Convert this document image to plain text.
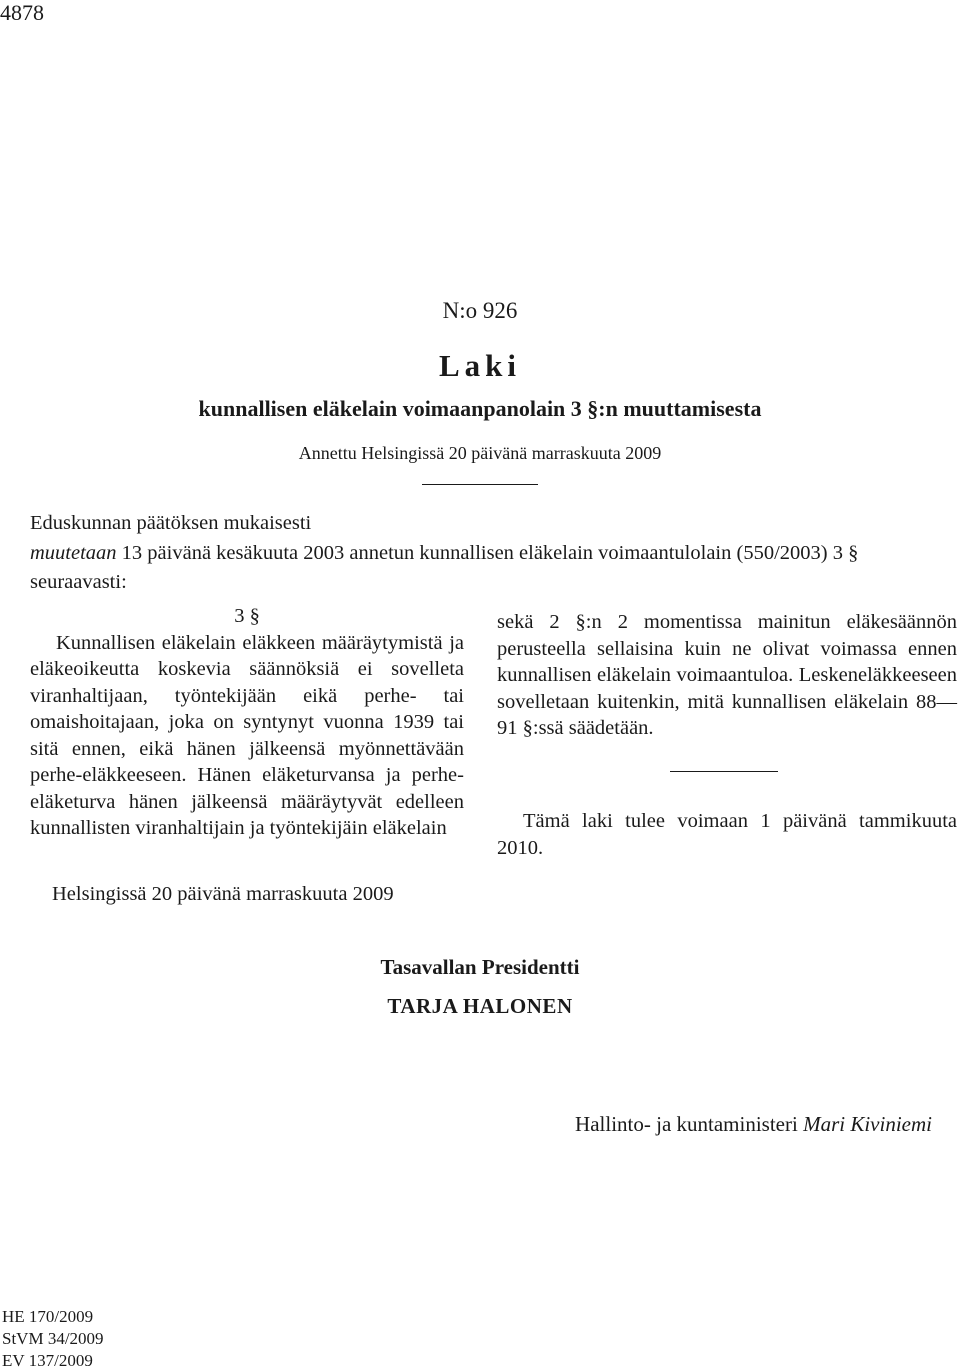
4878
N:o 926
Laki
kunnallisen eläkelain voimaanpanolain 3 §:n muuttamisesta
Annettu Helsingissä 20 päivänä marraskuuta 2009
Eduskunnan päätöksen mukaisesti
muutetaan 13 päivänä kesäkuuta 2003 annetun kunnallisen eläkelain voimaantulolain (550/2003) 3 § seuraavasti:
3 §
Kunnallisen eläkelain eläkkeen määräytymistä ja eläkeoikeutta koskevia säännöksiä ei sovelleta viranhaltijaan, työntekijään eikä perhe- tai omaishoitajaan, joka on syntynyt vuonna 1939 tai sitä ennen, eikä hänen jälkeensä myönnettävään perhe-eläkkeeseen. Hänen eläketurvansa ja perhe-eläketurva hänen jälkeensä määräytyvät edelleen kunnallisten viranhaltijain ja työntekijäin eläkelain
sekä 2 §:n 2 momentissa mainitun eläkesäännön perusteella sellaisina kuin ne olivat voimassa ennen kunnallisen eläkelain voimaantuloa. Leskeneläkkeeseen sovelletaan kuitenkin, mitä kunnallisen eläkelain 88—91 §:ssä säädetään.
Tämä laki tulee voimaan 1 päivänä tammikuuta 2010.
Helsingissä 20 päivänä marraskuuta 2009
Tasavallan Presidentti
TARJA HALONEN
Hallinto- ja kuntaministeri Mari Kiviniemi
HE 170/2009
StVM 34/2009
EV 137/2009
